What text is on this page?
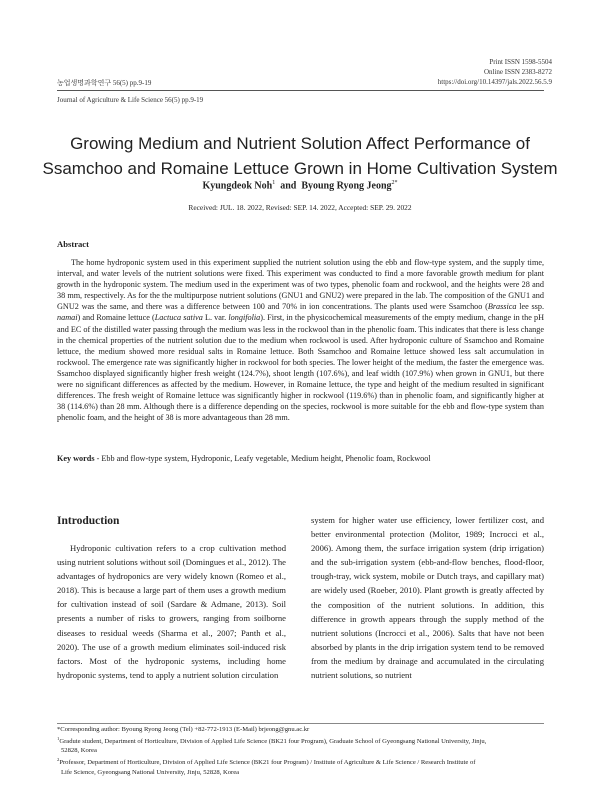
Print ISSN 1598-5504
Online ISSN 2383-8272
https://doi.org/10.14397/jals.2022.56.5.9
농업생명과학연구 56(5) pp.9-19
Journal of Agriculture & Life Science 56(5) pp.9-19
Growing Medium and Nutrient Solution Affect Performance of
Ssamchoo and Romaine Lettuce Grown in Home Cultivation System
Kyungdeok Noh$^1$ and Byoung Ryong Jeong$^{2*}$
Received: JUL. 18. 2022, Revised: SEP. 14. 2022, Accepted: SEP. 29. 2022
Abstract
The home hydroponic system used in this experiment supplied the nutrient solution using the ebb and flow-type system, and the supply time, interval, and water levels of the nutrient solutions were fixed. This experiment was conducted to find a more favorable growth medium for plant growth in the hydroponic system. The medium used in the experiment was of two types, phenolic foam and rockwool, and the heights were 28 and 38 mm, respectively. As for the the multipurpose nutrient solutions (GNU1 and GNU2) were prepared in the lab. The composition of the GNU1 and GNU2 was the same, and there was a difference between 100 and 70% in ion concentrations. The plants used were Ssamchoo (Brassica lee ssp. namai) and Romaine lettuce (Lactuca sativa L. var. longifolia). First, in the physicochemical measurements of the empty medium, change in the pH and EC of the distilled water passing through the medium was less in the rockwool than in the phenolic foam. This indicates that there is less change in the chemical properties of the nutrient solution due to the medium when rockwool is used. After hydroponic culture of Ssamchoo and Romaine lettuce, the medium showed more residual salts in Romaine lettuce. Both Ssamchoo and Romaine lettuce showed less salt accumulation in rockwool. The emergence rate was significantly higher in rockwool for both species. The lower height of the medium, the faster the emergence was. Ssamchoo displayed significantly higher fresh weight (124.7%), shoot length (107.6%), and leaf width (107.9%) when grown in GNU1, but there were no significant differences as affected by the medium. However, in Romaine lettuce, the type and height of the medium resulted in significant differences. The fresh weight of Romaine lettuce was significantly higher in rockwool (119.6%) than in phenolic foam, and significantly higher at 38 (114.6%) than 28 mm. Although there is a difference depending on the species, rockwool is more suitable for the ebb and flow-type system than phenolic foam, and the height of 38 is more advantageous than 28 mm.
Key words - Ebb and flow-type system, Hydroponic, Leafy vegetable, Medium height, Phenolic foam, Rockwool
Introduction
Hydroponic cultivation refers to a crop cultivation method using nutrient solutions without soil (Domingues et al., 2012). The advantages of hydroponics are very widely known (Romeo et al., 2018). This is because a large part of them uses a growth medium for cultivation instead of soil (Sardare & Admane, 2013). Soil presents a number of risks to growers, ranging from soilborne diseases to residual weeds (Sharma et al., 2007; Panth et al., 2020). The use of a growth medium eliminates soil-induced risk factors. Most of the hydroponic systems, including home hydroponic systems, tend to apply a nutrient solution circulation
system for higher water use efficiency, lower fertilizer cost, and better environmental protection (Molitor, 1989; Incrocci et al., 2006). Among them, the surface irrigation system (drip irrigation) and the sub-irrigation system (ebb-and-flow benches, flood-floor, trough-tray, wick system, mobile or Dutch trays, and capillary mat) are widely used (Roeber, 2010). Plant growth is greatly affected by the composition of the nutrient solutions. In addition, this difference in growth appears through the supply method of the nutrient solutions (Incrocci et al., 2006). Salts that have not been absorbed by plants in the drip irrigation system tend to be removed from the medium by drainage and accumulated in the circulating nutrient solutions, so nutrient

*Corresponding author: Byoung Ryong Jeong (Tel) +82-772-1913 (E-Mail) brjeong@gnu.ac.kr

$^1$Gradute student, Department of Horticulture, Division of Applied Life Science (BK21 four Program), Graduate School of Gyeongsang National University, Jinju,

52828, Korea

$^2$Professor, Department of Horticulture, Division of Applied Life Science (BK21 four Program) / Institute of Agriculture & Life Science / Research Institute of

Life Science, Gyeongsang National University, Jinju, 52828, Korea
